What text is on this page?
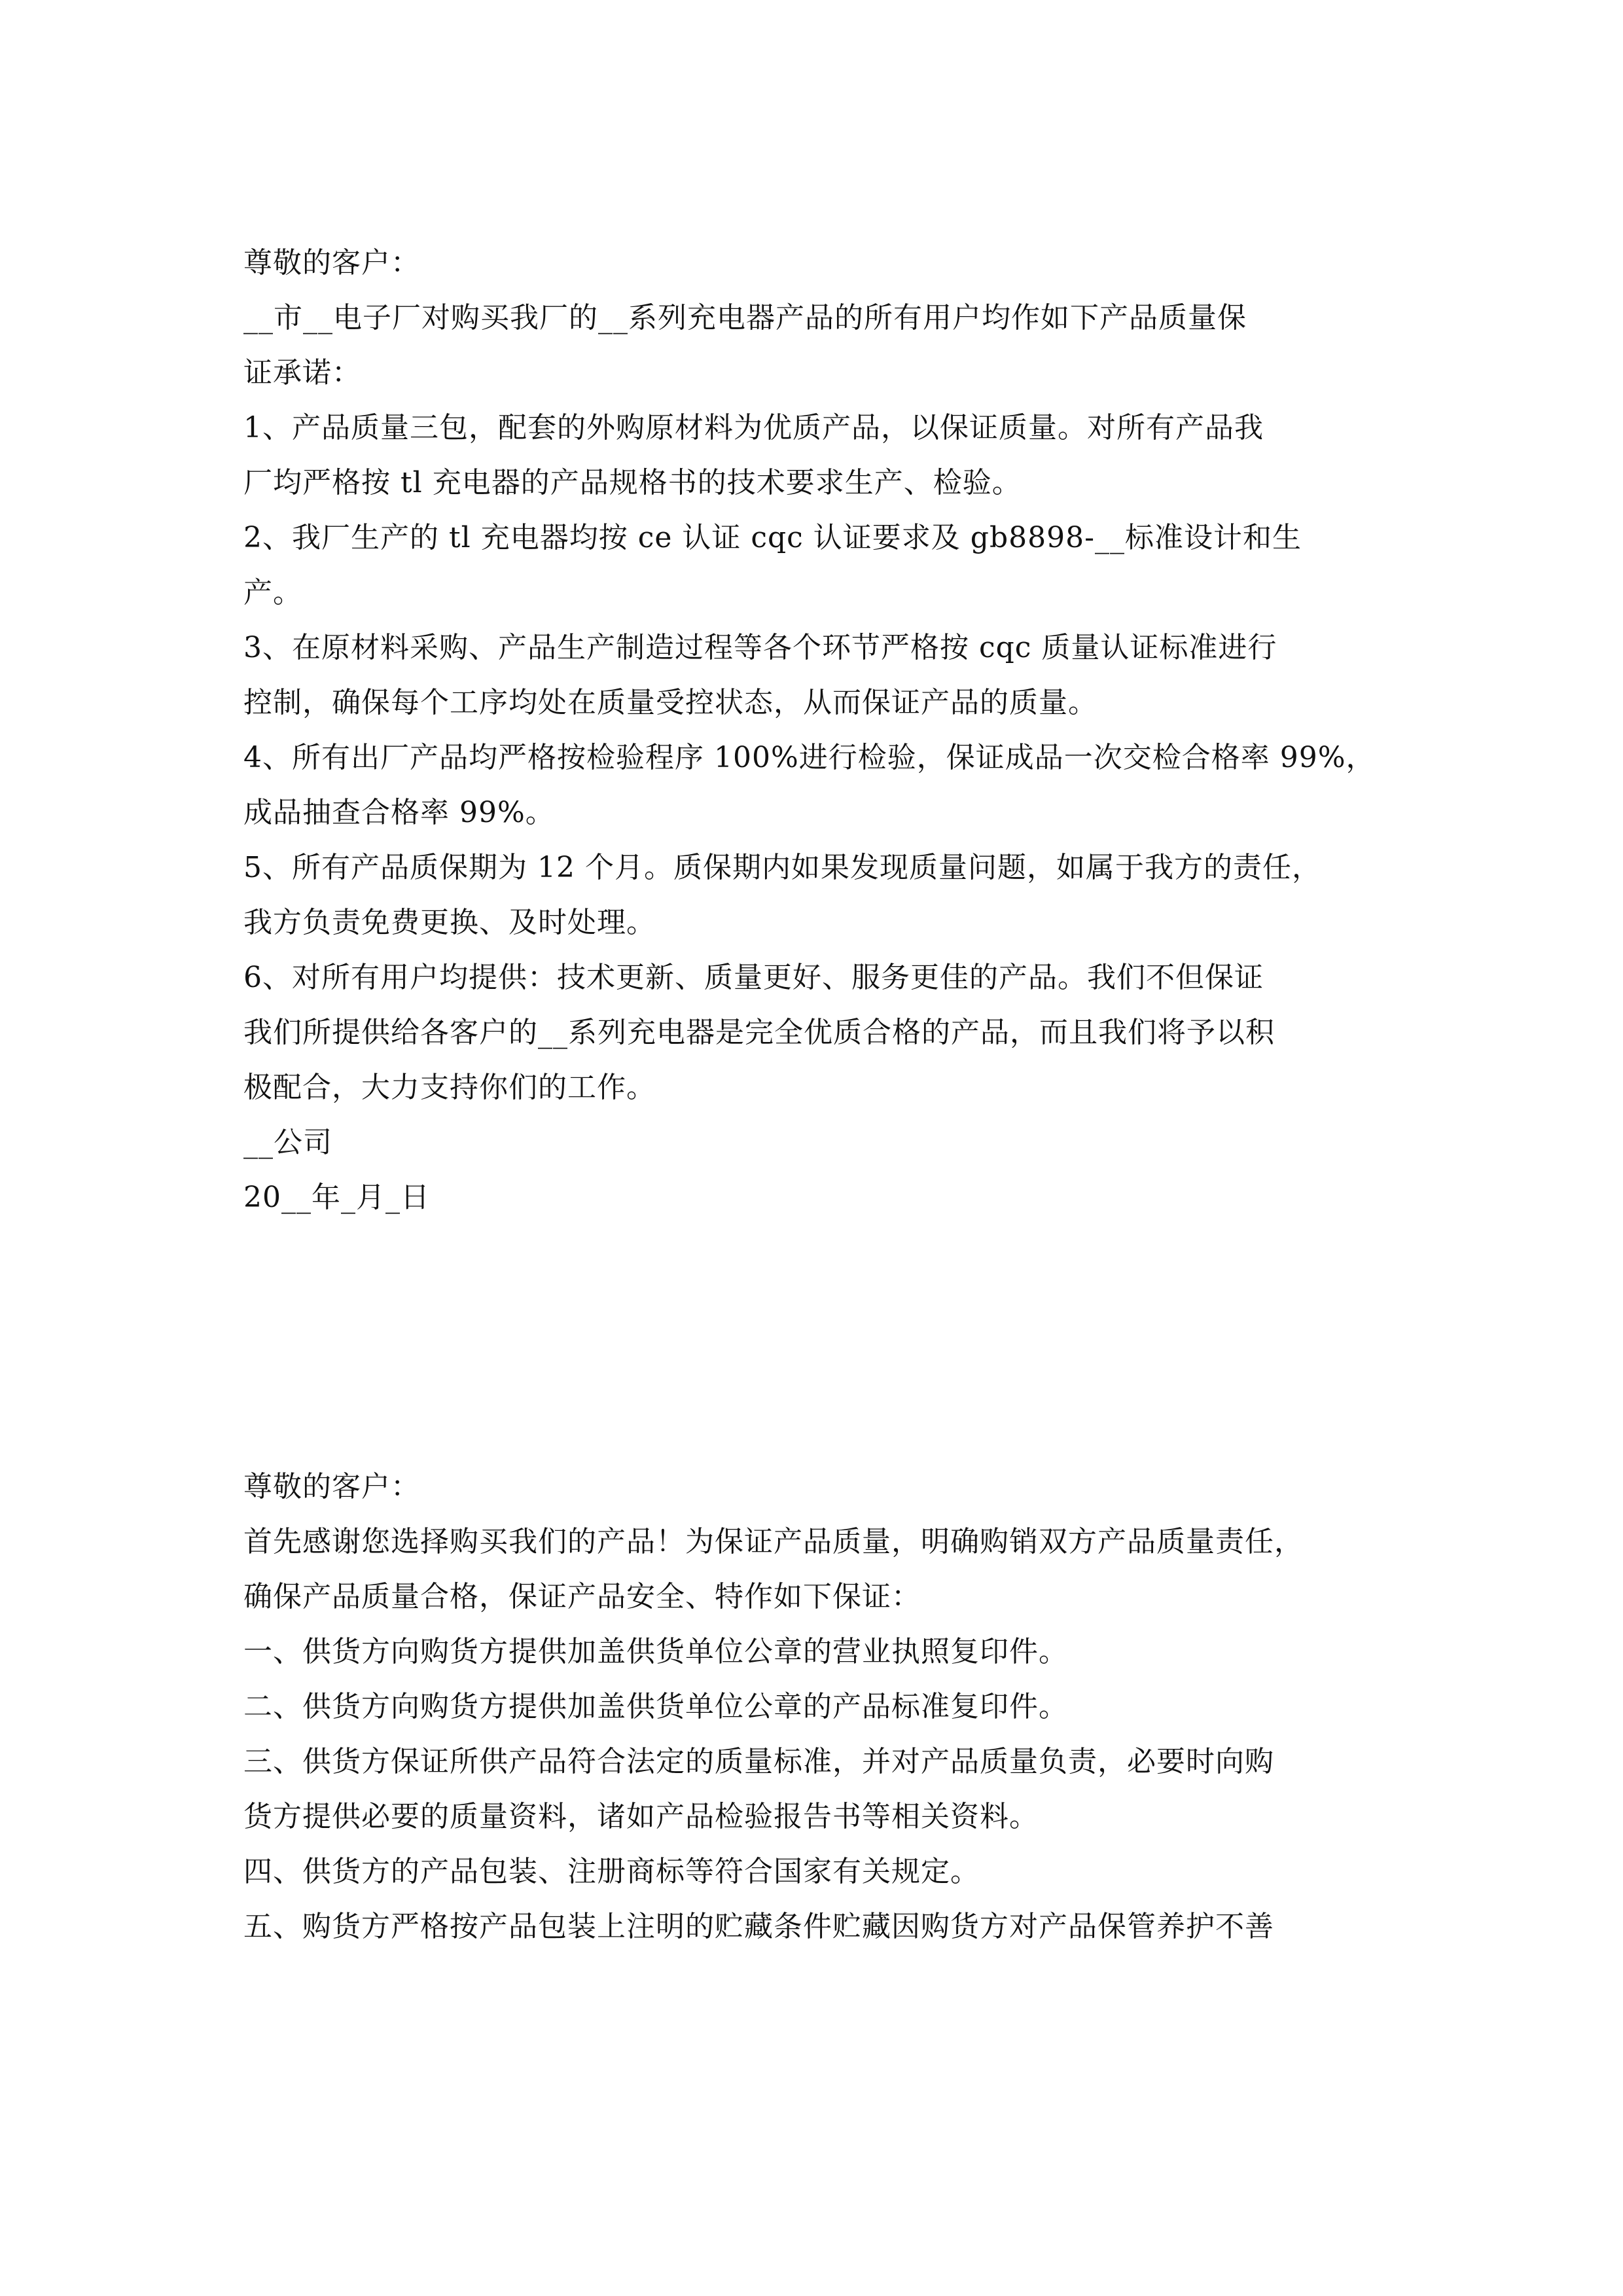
尊敬的客户：
__市__电子厂对购买我厂的__系列充电器产品的所有用户均作如下产品质量保
证承诺：
1、产品质量三包，配套的外购原材料为优质产品，以保证质量。对所有产品我
厂均严格按 tl 充电器的产品规格书的技术要求生产、检验。
2、我厂生产的 tl 充电器均按 ce 认证 cqc 认证要求及 gb8898-__标准设计和生
产。
3、在原材料采购、产品生产制造过程等各个环节严格按 cqc 质量认证标准进行
控制，确保每个工序均处在质量受控状态，从而保证产品的质量。
4、所有出厂产品均严格按检验程序 100%进行检验，保证成品一次交检合格率 99%，
成品抽查合格率 99%。
5、所有产品质保期为 12 个月。质保期内如果发现质量问题，如属于我方的责任，
我方负责免费更换、及时处理。
6、对所有用户均提供：技术更新、质量更好、服务更佳的产品。我们不但保证
我们所提供给各客户的__系列充电器是完全优质合格的产品，而且我们将予以积
极配合，大力支持你们的工作。
__公司
20__年_月_日
尊敬的客户：
首先感谢您选择购买我们的产品！为保证产品质量，明确购销双方产品质量责任，
确保产品质量合格，保证产品安全、特作如下保证：
一、供货方向购货方提供加盖供货单位公章的营业执照复印件。
二、供货方向购货方提供加盖供货单位公章的产品标准复印件。
三、供货方保证所供产品符合法定的质量标准，并对产品质量负责，必要时向购
货方提供必要的质量资料，诸如产品检验报告书等相关资料。
四、供货方的产品包装、注册商标等符合国家有关规定。
五、购货方严格按产品包装上注明的贮藏条件贮藏因购货方对产品保管养护不善
